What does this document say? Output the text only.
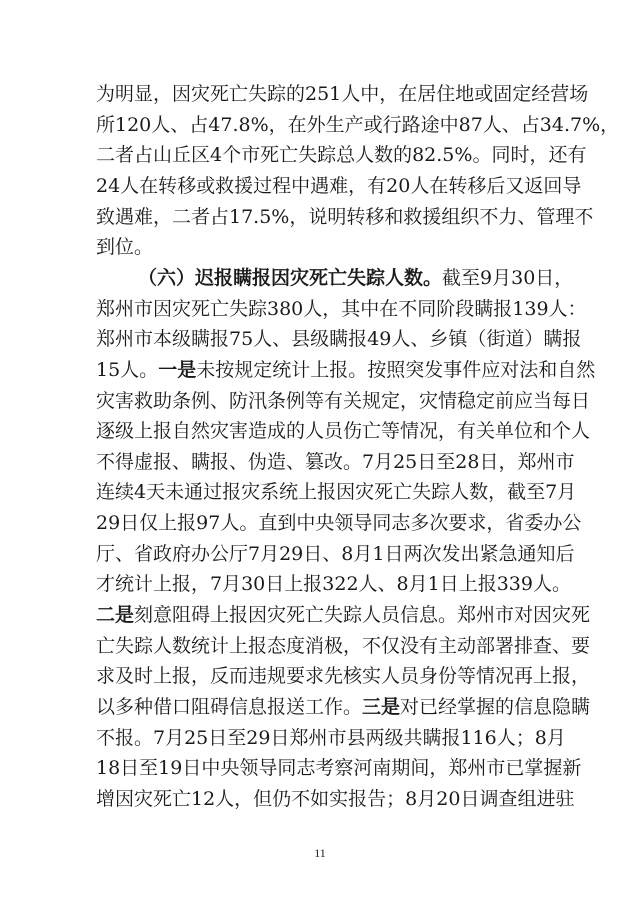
为明显，因灾死亡失踪的251人中，在居住地或固定经营场
所120人、占47.8%，在外生产或行路途中87人、占34.7%，
二者占山丘区4个市死亡失踪总人数的82.5%。同时，还有
24人在转移或救援过程中遇难，有20人在转移后又返回导
致遇难，二者占17.5%，说明转移和救援组织不力、管理不
到位。
（六）迟报瞒报因灾死亡失踪人数。截至9月30日，
郑州市因灾死亡失踪380人，其中在不同阶段瞒报139人：
郑州市本级瞒报75人、县级瞒报49人、乡镇（街道）瞒报
15人。一是未按规定统计上报。按照突发事件应对法和自然
灾害救助条例、防汛条例等有关规定，灾情稳定前应当每日
逐级上报自然灾害造成的人员伤亡等情况，有关单位和个人
不得虚报、瞒报、伪造、篡改。7月25日至28日，郑州市
连续4天未通过报灾系统上报因灾死亡失踪人数，截至7月
29日仅上报97人。直到中央领导同志多次要求，省委办公
厅、省政府办公厅7月29日、8月1日两次发出紧急通知后
才统计上报，7月30日上报322人、8月1日上报339人。
二是刻意阻碍上报因灾死亡失踪人员信息。郑州市对因灾死
亡失踪人数统计上报态度消极，不仅没有主动部署排查、要
求及时上报，反而违规要求先核实人员身份等情况再上报，
以多种借口阻碍信息报送工作。三是对已经掌握的信息隐瞒
不报。7月25日至29日郑州市县两级共瞒报116人；8月
18日至19日中央领导同志考察河南期间，郑州市已掌握新
增因灾死亡12人，但仍不如实报告；8月20日调查组进驻
11
